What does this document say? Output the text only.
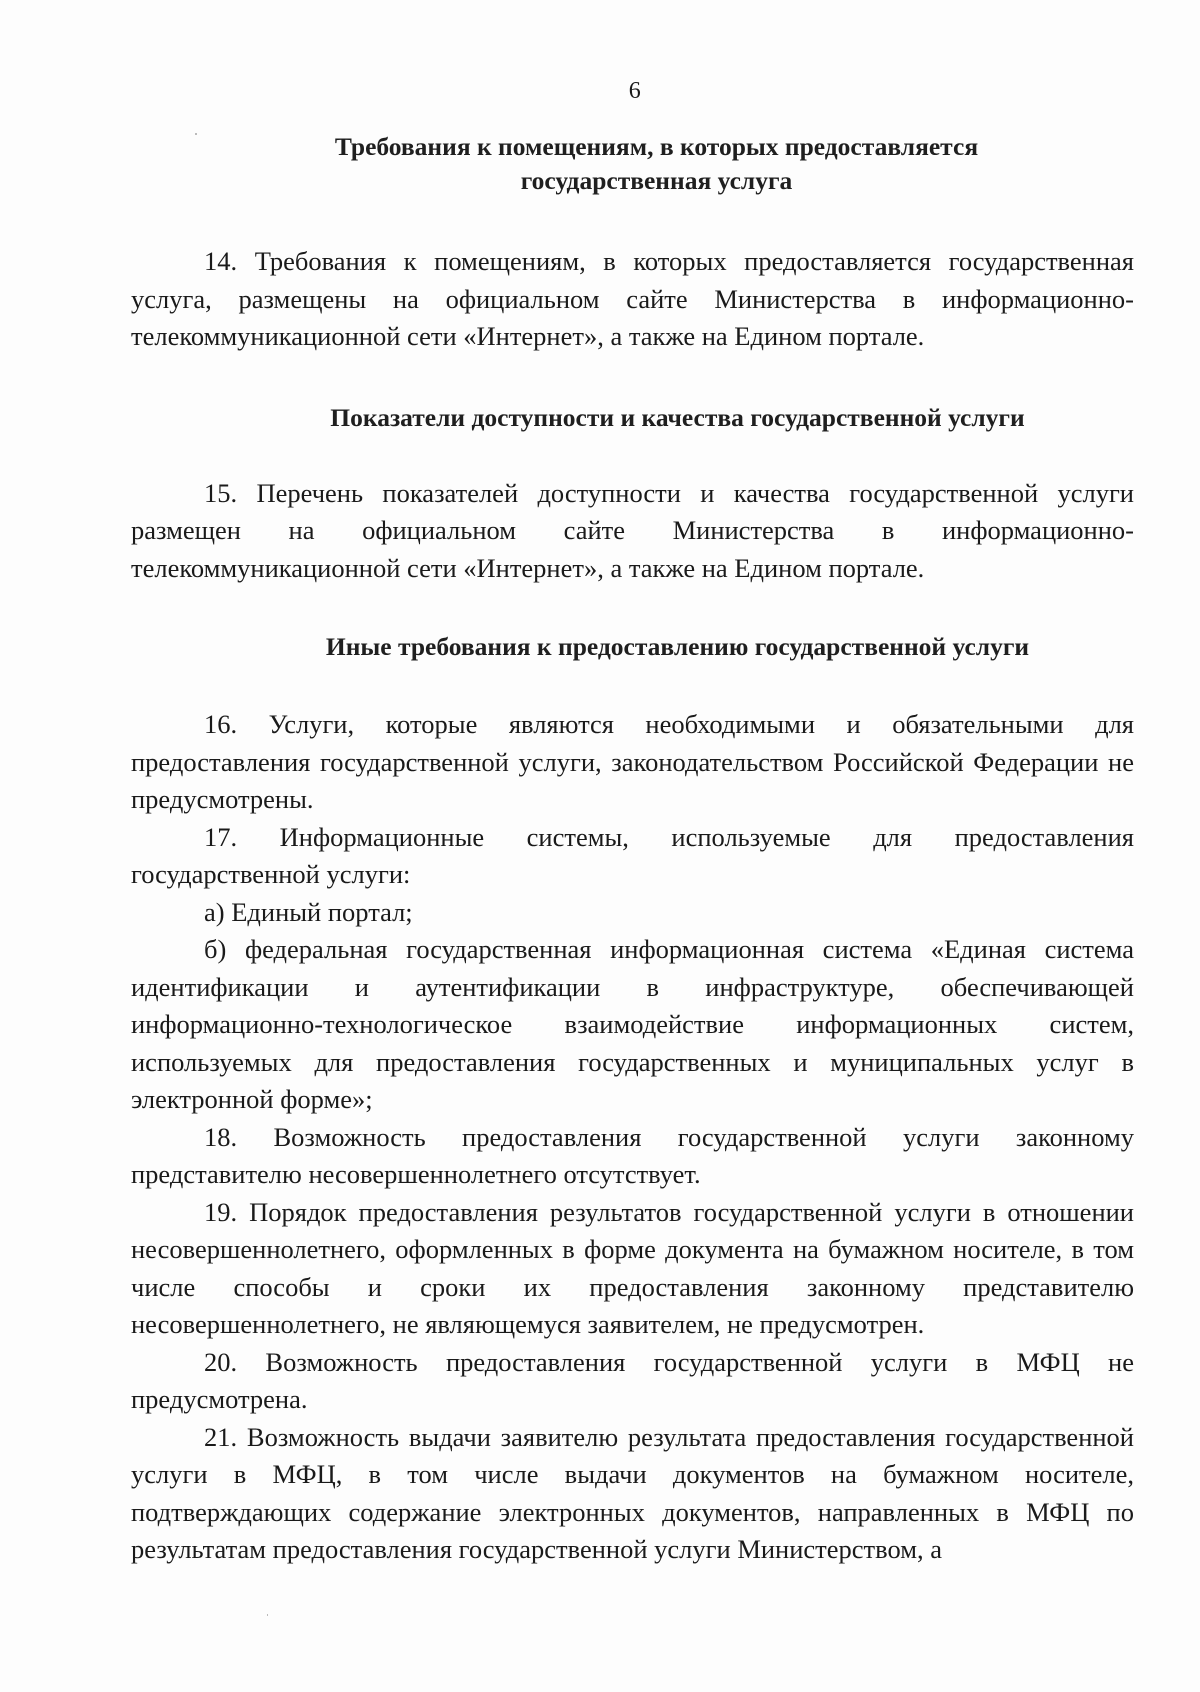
6
Требования к помещениям, в которых предоставляется
государственная услуга

14. Требования к помещениям, в которых предоставляется государственная услуга, размещены на официальном сайте Министерства в информационно-телекоммуникационной сети «Интернет», а также на Едином портале.

Показатели доступности и качества государственной услуги

15. Перечень показателей доступности и качества государственной услуги размещен на официальном сайте Министерства в информационно-телекоммуникационной сети «Интернет», а также на Едином портале.

Иные требования к предоставлению государственной услуги

16. Услуги, которые являются необходимыми и обязательными для предоставления государственной услуги, законодательством Российской Федерации не предусмотрены.

17. Информационные системы, используемые для предоставления государственной услуги:

а) Единый портал;

б) федеральная государственная информационная система «Единая система идентификации и аутентификации в инфраструктуре, обеспечивающей информационно-технологическое взаимодействие информационных систем, используемых для предоставления государственных и муниципальных услуг в электронной форме»;

18. Возможность предоставления государственной услуги законному представителю несовершеннолетнего отсутствует.

19. Порядок предоставления результатов государственной услуги в отношении несовершеннолетнего, оформленных в форме документа на бумажном носителе, в том числе способы и сроки их предоставления законному представителю несовершеннолетнего, не являющемуся заявителем, не предусмотрен.

20. Возможность предоставления государственной услуги в МФЦ не предусмотрена.

21. Возможность выдачи заявителю результата предоставления государственной услуги в МФЦ, в том числе выдачи документов на бумажном носителе, подтверждающих содержание электронных документов, направленных в МФЦ по результатам предоставления государственной услуги Министерством, а
